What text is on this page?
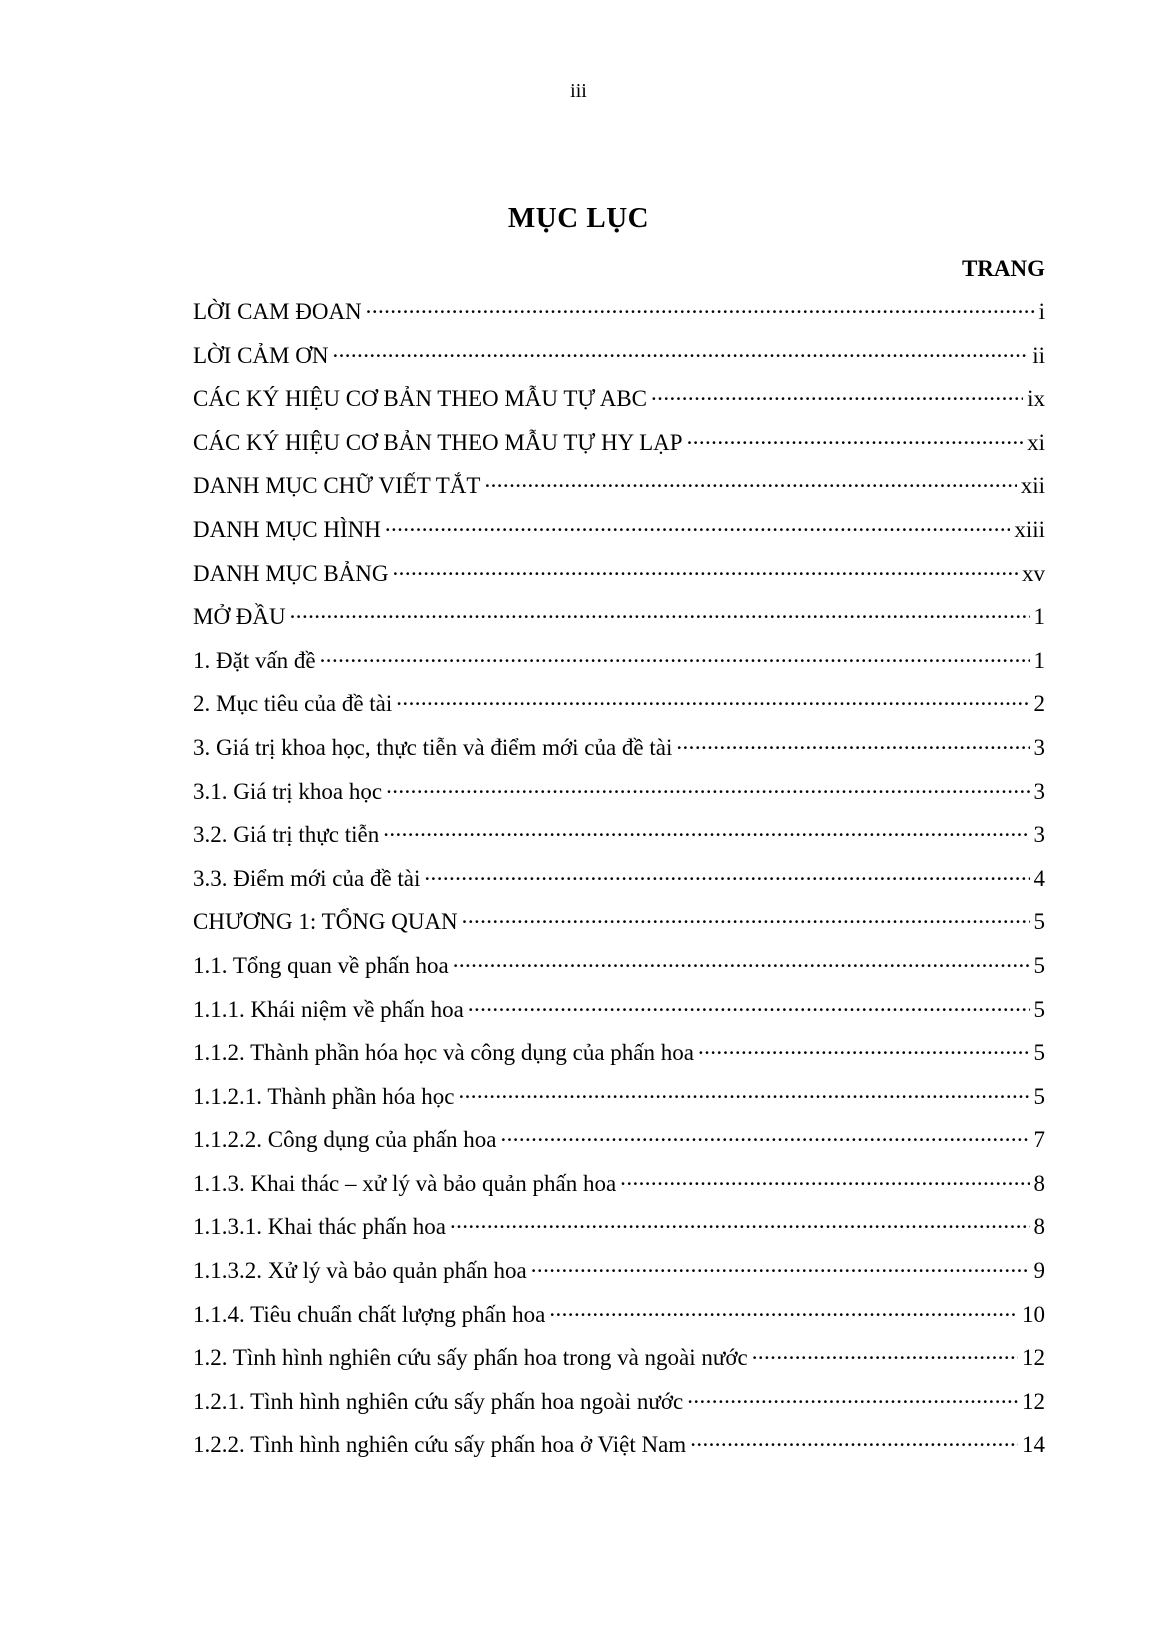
iii
MỤC LỤC
TRANG
LỜI CAM ĐOAN .....	i
LỜI CẢM ƠN .....	ii
CÁC KÝ HIỆU CƠ BẢN THEO MẪU TỰ ABC .....	ix
CÁC KÝ HIỆU CƠ BẢN THEO MẪU TỰ HY LẠP .....	xi
DANH MỤC CHỮ VIẾT TẮT .....	xii
DANH MỤC HÌNH .....	xiii
DANH MỤC BẢNG .....	xv
MỞ ĐẦU .....	1
1. Đặt vấn đề .....	1
2. Mục tiêu của đề tài .....	2
3. Giá trị khoa học, thực tiễn và điểm mới của đề tài .....	3
3.1. Giá trị khoa học .....	3
3.2. Giá trị thực tiễn .....	3
3.3. Điểm mới của đề tài .....	4
CHƯƠNG 1: TỔNG QUAN .....	5
1.1. Tổng quan về phấn hoa .....	5
1.1.1. Khái niệm về phấn hoa .....	5
1.1.2. Thành phần hóa học và công dụng của phấn hoa .....	5
1.1.2.1. Thành phần hóa học .....	5
1.1.2.2. Công dụng của phấn hoa .....	7
1.1.3. Khai thác – xử lý và bảo quản phấn hoa .....	8
1.1.3.1. Khai thác phấn hoa .....	8
1.1.3.2. Xử lý và bảo quản phấn hoa .....	9
1.1.4. Tiêu chuẩn chất lượng phấn hoa .....	10
1.2. Tình hình nghiên cứu sấy phấn hoa trong và ngoài nước .....	12
1.2.1. Tình hình nghiên cứu sấy phấn hoa ngoài nước .....	12
1.2.2. Tình hình nghiên cứu sấy phấn hoa ở Việt Nam .....	14
